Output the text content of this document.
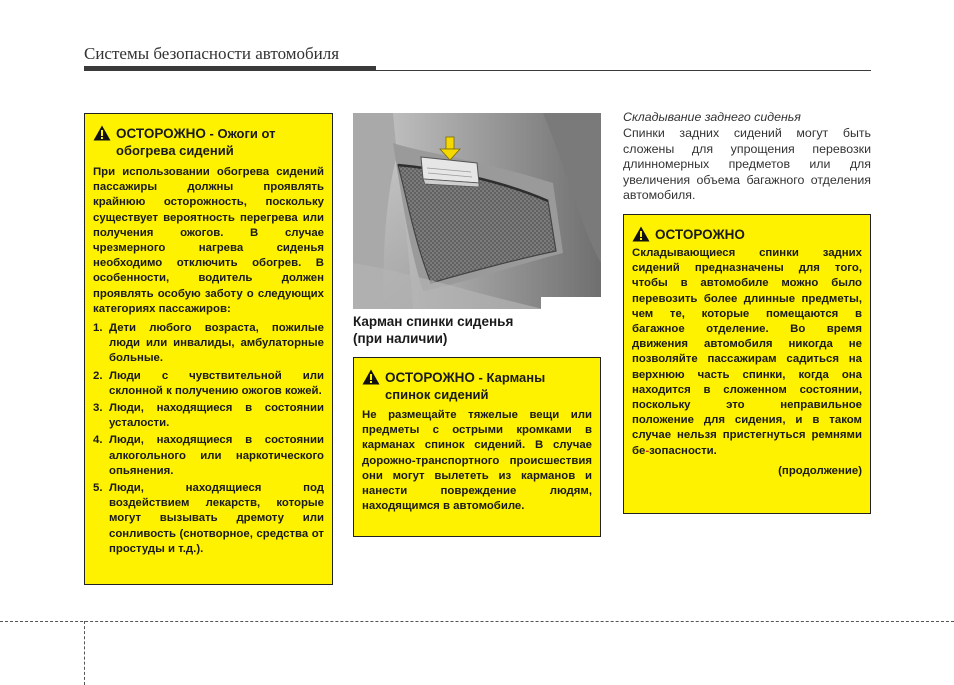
Системы безопасности автомобиля
ОСТОРОЖНО - Ожоги от
обогрева сидений
При использовании обогрева сидений пассажиры должны проявлять крайнюю осторожность, поскольку существует вероятность перегрева или получения ожогов. В случае чрезмерного нагрева сиденья необходимо отключить обогрев. В особенности, водитель должен проявлять особую заботу о следующих категориях пассажиров:
1. Дети любого возраста, пожилые люди или инвалиды, амбулаторные больные.
2. Люди с чувствительной или склонной к получению ожогов кожей.
3. Люди, находящиеся в состоянии усталости.
4. Люди, находящиеся в состоянии алкогольного или наркотического опьянения.
5. Люди, находящиеся под воздействием лекарств, которые могут вызывать дремоту или сонливость (снотворное, средства от простуды и т.д.).
Карман спинки сиденья
(при наличии)
ОСТОРОЖНО - Карманы
спинок сидений
Не размещайте тяжелые вещи или предметы с острыми кромками в карманах спинок сидений. В случае дорожно-транспортного происшествия они могут вылететь из карманов и нанести повреждение людям, находящимся в автомобиле.
Складывание заднего сиденья
Спинки задних сидений могут быть сложены для упрощения перевозки длинномерных предметов или для увеличения объема багажного отделения автомобиля.
ОСТОРОЖНО
Складывающиеся спинки задних сидений предназначены для того, чтобы в автомобиле можно было перевозить более длинные предметы, чем те, которые помещаются в багажное отделение. Во время движения автомобиля никогда не позволяйте пассажирам садиться на верхнюю часть спинки, когда она находится в сложенном состоянии, поскольку это неправильное положение для сидения, и в таком случае нельзя пристегнуться ремнями бе-зопасности.
(продолжение)
